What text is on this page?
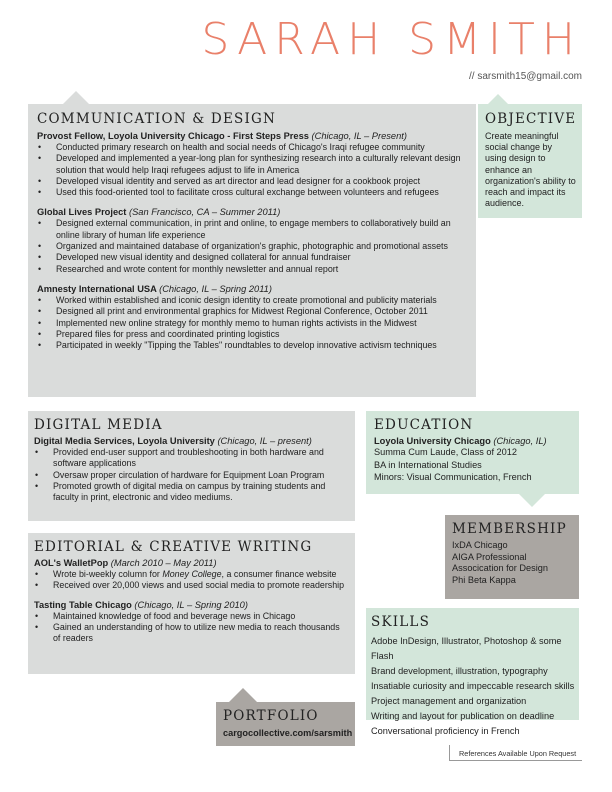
SARAH SMITH
// sarsmith15@gmail.com
COMMUNICATION & DESIGN
Provost Fellow, Loyola University Chicago - First Steps Press (Chicago, IL – Present)
• Conducted primary research on health and social needs of Chicago's Iraqi refugee community
• Developed and implemented a year-long plan for synthesizing research into a culturally relevant design solution that would help Iraqi refugees adjust to life in America
• Developed visual identity and served as art director and lead designer for a cookbook project
• Used this food-oriented tool to facilitate cross cultural exchange between volunteers and refugees
Global Lives Project (San Francisco, CA – Summer 2011)
• Designed external communication, in print and online, to engage members to collaboratively build an online library of human life experience
• Organized and maintained database of organization's graphic, photographic and promotional assets
• Developed new visual identity and designed collateral for annual fundraiser
• Researched and wrote content for monthly newsletter and annual report
Amnesty International USA (Chicago, IL – Spring 2011)
• Worked within established and iconic design identity to create promotional and publicity materials
• Designed all print and environmental graphics for Midwest Regional Conference, October 2011
• Implemented new online strategy for monthly memo to human rights activists in the Midwest
• Prepared files for press and coordinated printing logistics
• Participated in weekly "Tipping the Tables" roundtables to develop innovative activism techniques
OBJECTIVE
Create meaningful social change by using design to enhance an organization's ability to reach and impact its audience.
DIGITAL MEDIA
Digital Media Services, Loyola University (Chicago, IL – present)
• Provided end-user support and troubleshooting in both hardware and software applications
• Oversaw proper circulation of hardware for Equipment Loan Program
• Promoted growth of digital media on campus by training students and faculty in print, electronic and video mediums.
EDUCATION
Loyola University Chicago (Chicago, IL)
Summa Cum Laude, Class of 2012
BA in International Studies
Minors: Visual Communication, French
MEMBERSHIP
IxDA Chicago
AIGA Professional Assocication for Design
Phi Beta Kappa
EDITORIAL & CREATIVE WRITING
AOL's WalletPop (March 2010 – May 2011)
• Wrote bi-weekly column for Money College, a consumer finance website
• Received over 20,000 views and used social media to promote readership
Tasting Table Chicago (Chicago, IL – Spring 2010)
• Maintained knowledge of food and beverage news in Chicago
• Gained an understanding of how to utilize new media to reach thousands of readers
SKILLS
Adobe InDesign, Illustrator, Photoshop & some Flash
Brand development, illustration, typography
Insatiable curiosity and impeccable research skills
Project management and organization
Writing and layout for publication on deadline
Conversational proficiency in French
PORTFOLIO
cargocollective.com/sarsmith
References Available Upon Request
